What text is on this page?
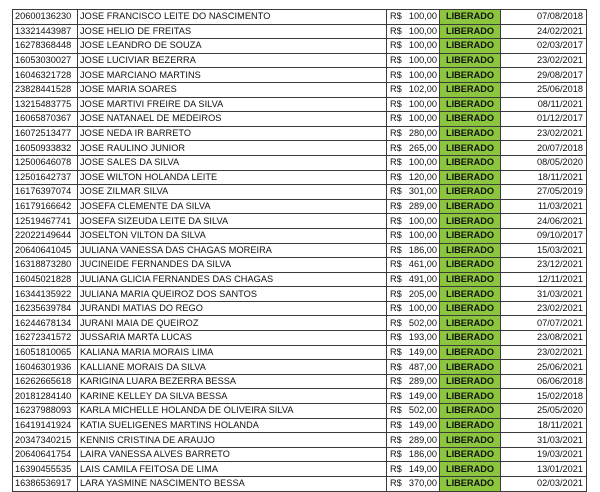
20600136230	JOSE FRANCISCO LEITE DO NASCIMENTO	R$	100,00	LIBERADO	07/08/2018
13321443987	JOSE HELIO DE FREITAS	R$	100,00	LIBERADO	24/02/2021
16278368448	JOSE LEANDRO DE SOUZA	R$	100,00	LIBERADO	02/03/2017
16053030027	JOSE LUCIVIAR BEZERRA	R$	100,00	LIBERADO	23/02/2021
16046321728	JOSE MARCIANO MARTINS	R$	100,00	LIBERADO	29/08/2017
23828441528	JOSE MARIA SOARES	R$	102,00	LIBERADO	25/06/2018
13215483775	JOSE MARTIVI FREIRE DA SILVA	R$	100,00	LIBERADO	08/11/2021
16065870367	JOSE NATANAEL DE MEDEIROS	R$	100,00	LIBERADO	01/12/2017
16072513477	JOSE NEDA IR BARRETO	R$	280,00	LIBERADO	23/02/2021
16050933832	JOSE RAULINO JUNIOR	R$	265,00	LIBERADO	20/07/2018
12500646078	JOSE SALES DA SILVA	R$	100,00	LIBERADO	08/05/2020
12501642737	JOSE WILTON HOLANDA LEITE	R$	120,00	LIBERADO	18/11/2021
16176397074	JOSE ZILMAR SILVA	R$	301,00	LIBERADO	27/05/2019
16179166642	JOSEFA CLEMENTE DA SILVA	R$	289,00	LIBERADO	11/03/2021
12519467741	JOSEFA SIZEUDA LEITE DA SILVA	R$	100,00	LIBERADO	24/06/2021
22022149644	JOSELTON VILTON DA SILVA	R$	100,00	LIBERADO	09/10/2017
20640641045	JULIANA VANESSA DAS CHAGAS MOREIRA	R$	186,00	LIBERADO	15/03/2021
16318873280	JUCINEIDE FERNANDES DA SILVA	R$	461,00	LIBERADO	23/12/2021
16045021828	JULIANA GLICIA FERNANDES DAS CHAGAS	R$	491,00	LIBERADO	12/11/2021
16344135922	JULIANA MARIA QUEIROZ DOS SANTOS	R$	205,00	LIBERADO	31/03/2021
16235639784	JURANDI MATIAS DO REGO	R$	100,00	LIBERADO	23/02/2021
16244678134	JURANI MAIA DE QUEIROZ	R$	502,00	LIBERADO	07/07/2021
16272341572	JUSSARIA MARTA LUCAS	R$	193,00	LIBERADO	23/08/2021
16051810065	KALIANA MARIA MORAIS LIMA	R$	149,00	LIBERADO	23/02/2021
16046301936	KALLIANE MORAIS DA SILVA	R$	487,00	LIBERADO	25/06/2021
16262665618	KARIGINA LUARA BEZERRA BESSA	R$	289,00	LIBERADO	06/06/2018
20181284140	KARINE KELLEY DA SILVA BESSA	R$	149,00	LIBERADO	15/02/2018
16237988093	KARLA MICHELLE HOLANDA DE OLIVEIRA SILVA	R$	502,00	LIBERADO	25/05/2020
16419141924	KATIA SUELIGENES MARTINS HOLANDA	R$	149,00	LIBERADO	18/11/2021
20347340215	KENNIS CRISTINA DE ARAUJO	R$	289,00	LIBERADO	31/03/2021
20640641754	LAIRA VANESSA ALVES BARRETO	R$	186,00	LIBERADO	19/03/2021
16390455535	LAIS CAMILA FEITOSA DE LIMA	R$	149,00	LIBERADO	13/01/2021
16386536917	LARA YASMINE NASCIMENTO BESSA	R$	370,00	LIBERADO	02/03/2021
